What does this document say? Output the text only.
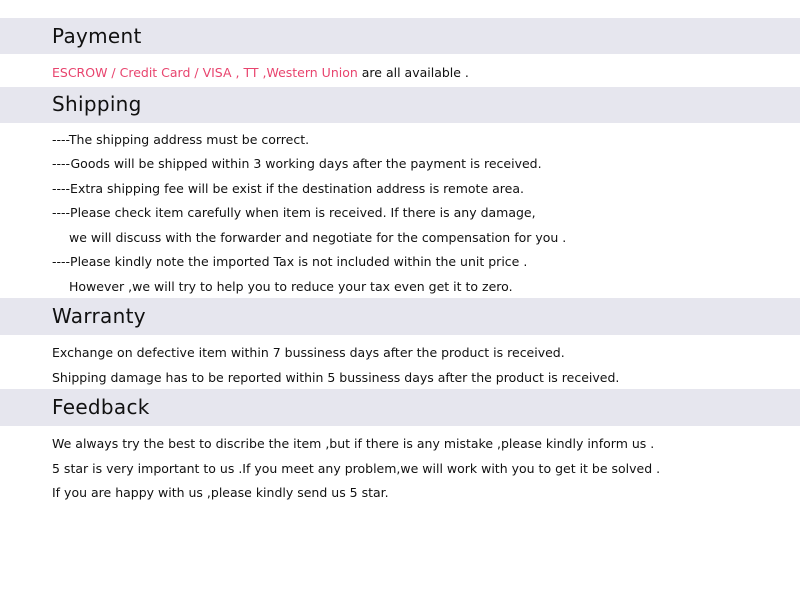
Payment
ESCROW / Credit Card / VISA , TT ,Western Union are all available .
Shipping
----The shipping address must be correct.
----Goods will be shipped within 3 working days after the payment is received.
----Extra shipping fee will be exist if the destination address is remote area.
----Please check item carefully when item is received. If there is any damage,
we will discuss with the forwarder and negotiate for the compensation for you .
----Please kindly note the imported Tax is not included within the unit price .
However ,we will try to help you to reduce your tax even get it to zero.
Warranty
Exchange on defective item within 7 bussiness days after the product is received.
Shipping damage has to be reported within 5 bussiness days after the product is received.
Feedback
We always try the best to discribe the item ,but if there is any mistake ,please kindly inform us .
5 star is very important to us .If you meet any problem,we will work with you to get it be solved .
If you are happy with us ,please kindly send us 5 star.
